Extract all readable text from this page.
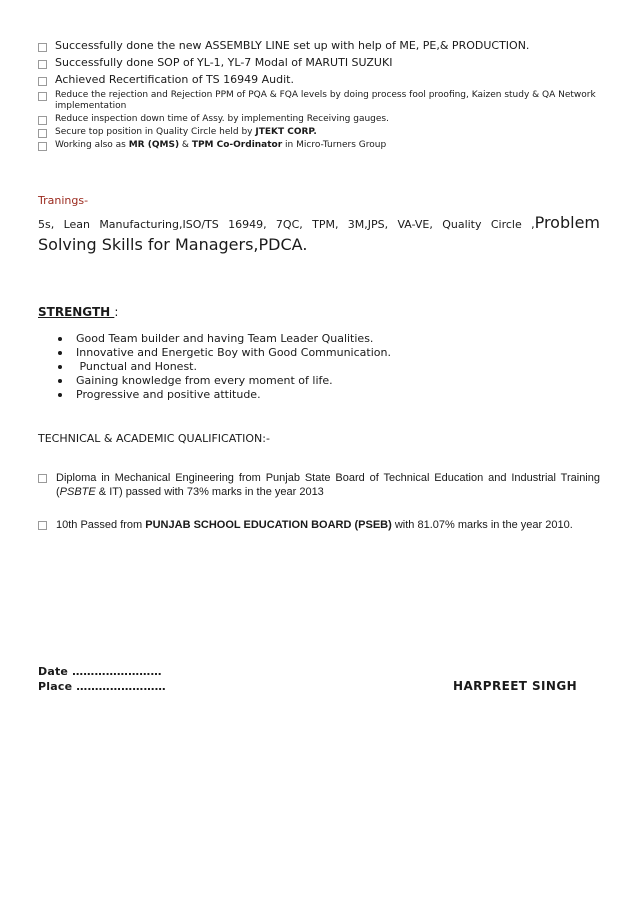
Successfully done the new ASSEMBLY LINE set up with help of ME, PE,& PRODUCTION.
Successfully done SOP of YL-1, YL-7 Modal of MARUTI SUZUKI
Achieved Recertification of TS 16949 Audit.
Reduce the rejection and Rejection PPM of PQA & FQA levels by doing process fool proofing, Kaizen study & QA Network implementation
Reduce inspection down time of Assy. by implementing Receiving gauges.
Secure top position in Quality Circle held by JTEKT CORP.
Working also as MR (QMS) & TPM Co-Ordinator in Micro-Turners Group
Tranings-
5s, Lean Manufacturing,ISO/TS 16949, 7QC, TPM, 3M,JPS, VA-VE, Quality Circle ,Problem Solving Skills for Managers,PDCA.
STRENGTH :
Good Team builder and having Team Leader Qualities.
Innovative and Energetic Boy with Good Communication.
Punctual and Honest.
Gaining knowledge from every moment of life.
Progressive and positive attitude.
TECHNICAL & ACADEMIC QUALIFICATION:-
Diploma in Mechanical Engineering from Punjab State Board of Technical Education and Industrial Training (PSBTE & IT) passed with 73% marks in the year 2013
10th Passed from PUNJAB SCHOOL EDUCATION BOARD (PSEB) with 81.07% marks in the year 2010.
Date ……………………
Place ……………………	HARPREET SINGH
